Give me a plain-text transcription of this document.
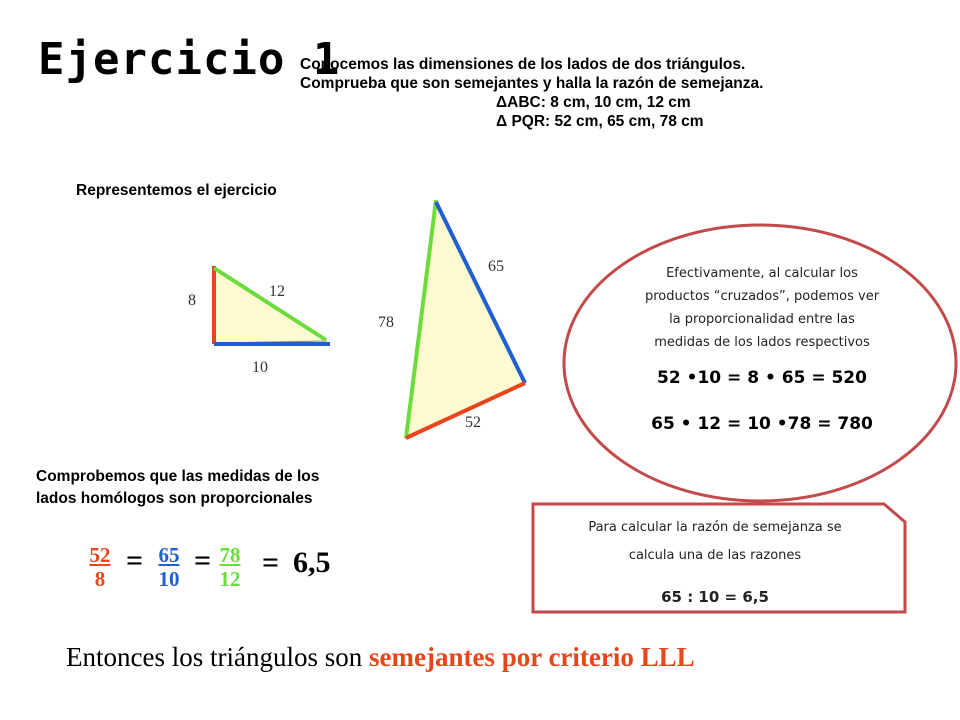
Ejercicio 1
Conocemos las dimensiones de los lados de dos triángulos.
Comprueba que son semejantes y halla la razón de semejanza.
ΔABC: 8 cm, 10 cm, 12 cm
Δ PQR: 52 cm, 65 cm, 78 cm
Representemos el ejercicio
8
12
10
78
65
52
Efectivamente, al calcular los
productos “cruzados”, podemos ver
la proporcionalidad entre las
medidas de los lados respectivos
52 •10 = 8 • 65 = 520
65 • 12 = 10 •78 = 780
Comprobemos que las medidas de los
lados homólogos son proporcionales
$\frac{52}{8} = \frac{65}{10} = \frac{78}{12} = 6,5$
Para calcular la razón de semejanza se
calcula una de las razones
65 : 10 = 6,5
Entonces los triángulos son semejantes por criterio LLL
